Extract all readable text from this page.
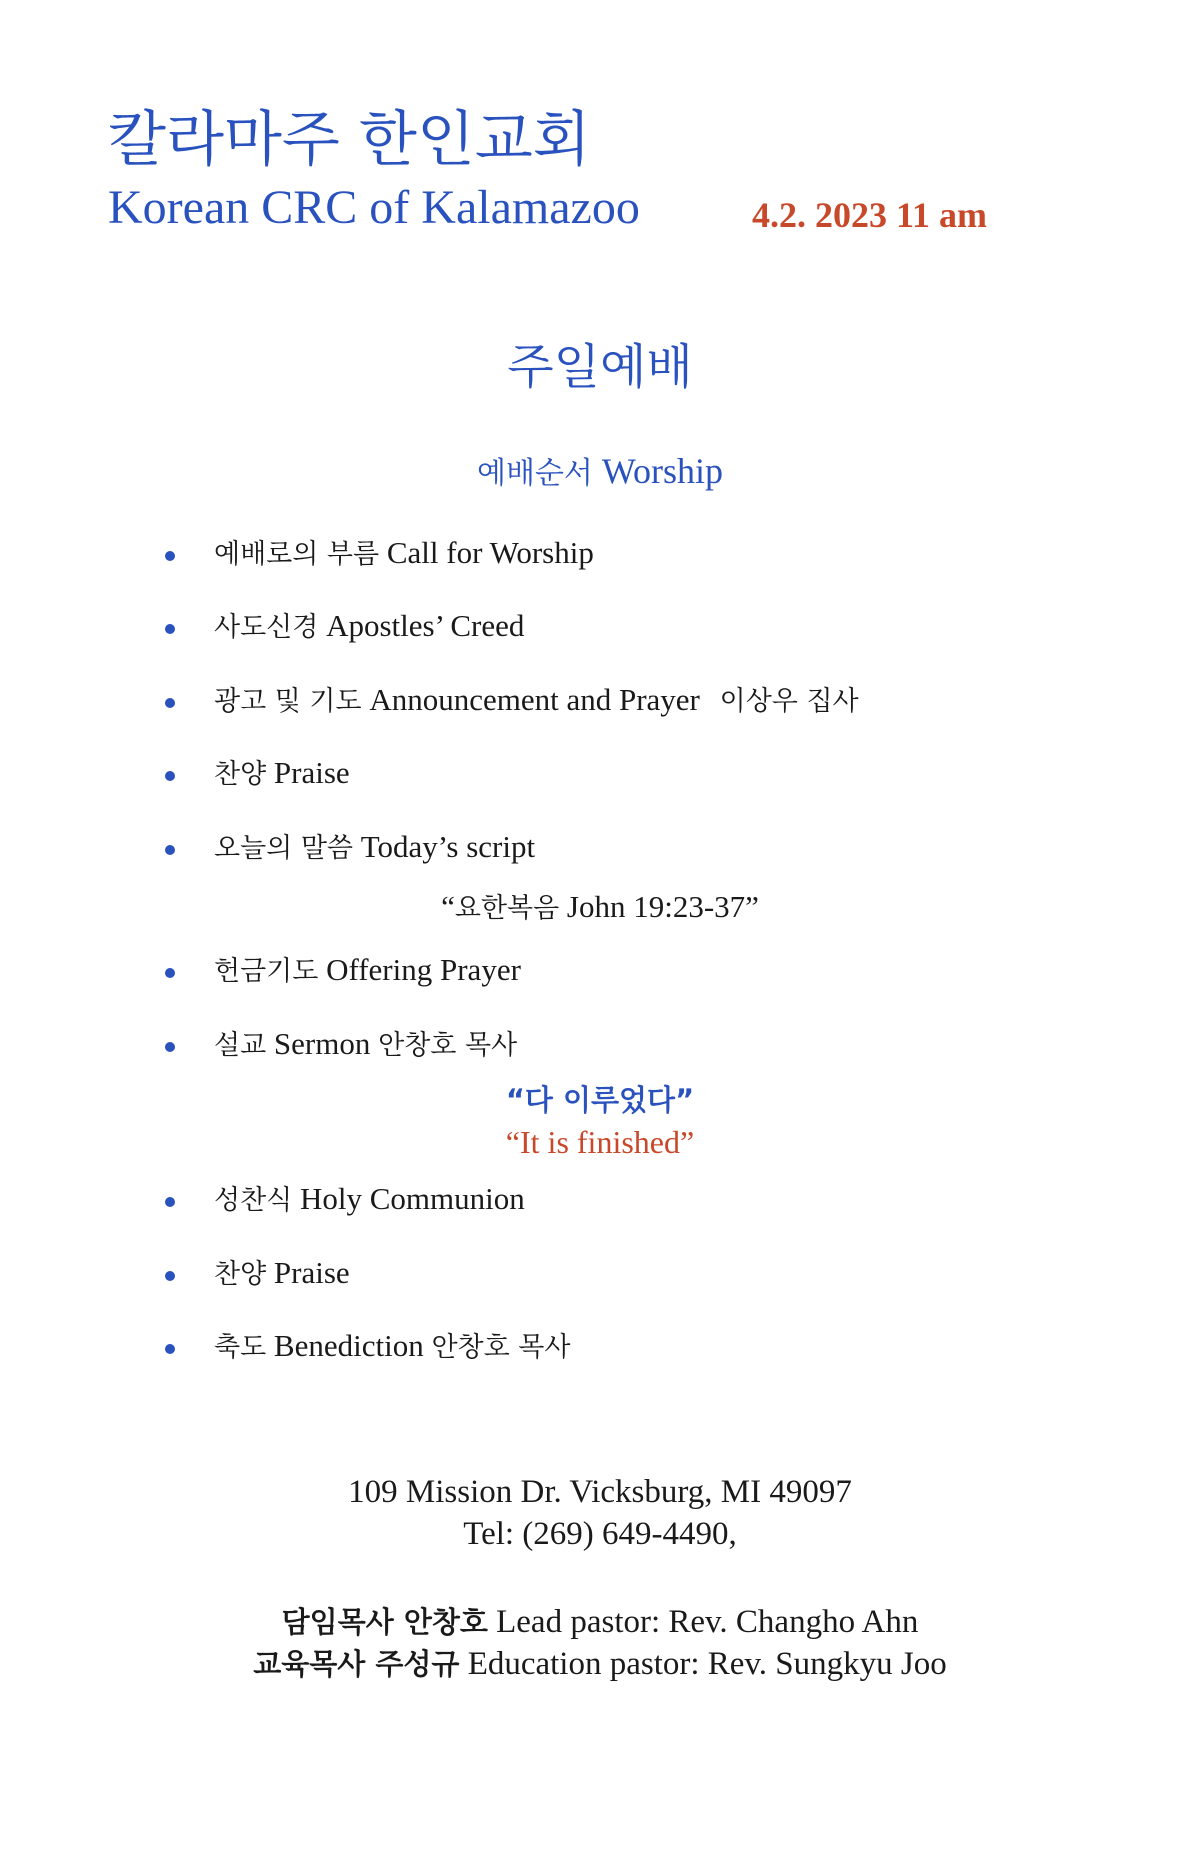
칼라마주 한인교회
Korean CRC of Kalamazoo	4.2. 2023 11 am
주일예배
예배순서 Worship
예배로의 부름 Call for Worship
사도신경 Apostles’ Creed
광고 및 기도 Announcement and Prayer 이상우 집사
찬양 Praise
오늘의 말씀 Today’s script
“요한복음 John 19:23-37”
헌금기도 Offering Prayer
설교 Sermon 안창호 목사
“다 이루었다”
“It is finished”
성찬식 Holy Communion
찬양 Praise
축도 Benediction 안창호 목사
109 Mission Dr. Vicksburg, MI 49097
Tel: (269) 649-4490,
담임목사 안창호 Lead pastor: Rev. Changho Ahn
교육목사 주성규 Education pastor: Rev. Sungkyu Joo
